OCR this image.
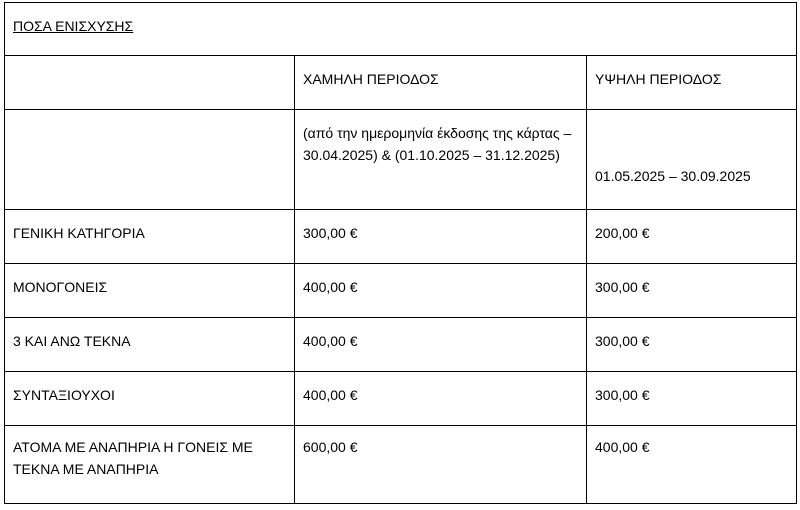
ΠΟΣΑ ΕΝΙΣΧΥΣΗΣ		
	ΧΑΜΗΛΗ ΠΕΡΙΟΔΟΣ	ΥΨΗΛΗ ΠΕΡΙΟΔΟΣ
	(από την ημερομηνία έκδοσης της κάρτας – 30.04.2025) & (01.10.2025 – 31.12.2025)	01.05.2025 – 30.09.2025
ΓΕΝΙΚΗ ΚΑΤΗΓΟΡΙΑ	300,00 €	200,00 €
ΜΟΝΟΓΟΝΕΙΣ	400,00 €	300,00 €
3 ΚΑΙ ΑΝΩ ΤΕΚΝΑ	400,00 €	300,00 €
ΣΥΝΤΑΞΙΟΥΧΟΙ	400,00 €	300,00 €
ΑΤΟΜΑ ΜΕ ΑΝΑΠΗΡΙΑ Η ΓΟΝΕΙΣ ΜΕ ΤΕΚΝΑ ΜΕ ΑΝΑΠΗΡΙΑ	600,00 €	400,00 €
